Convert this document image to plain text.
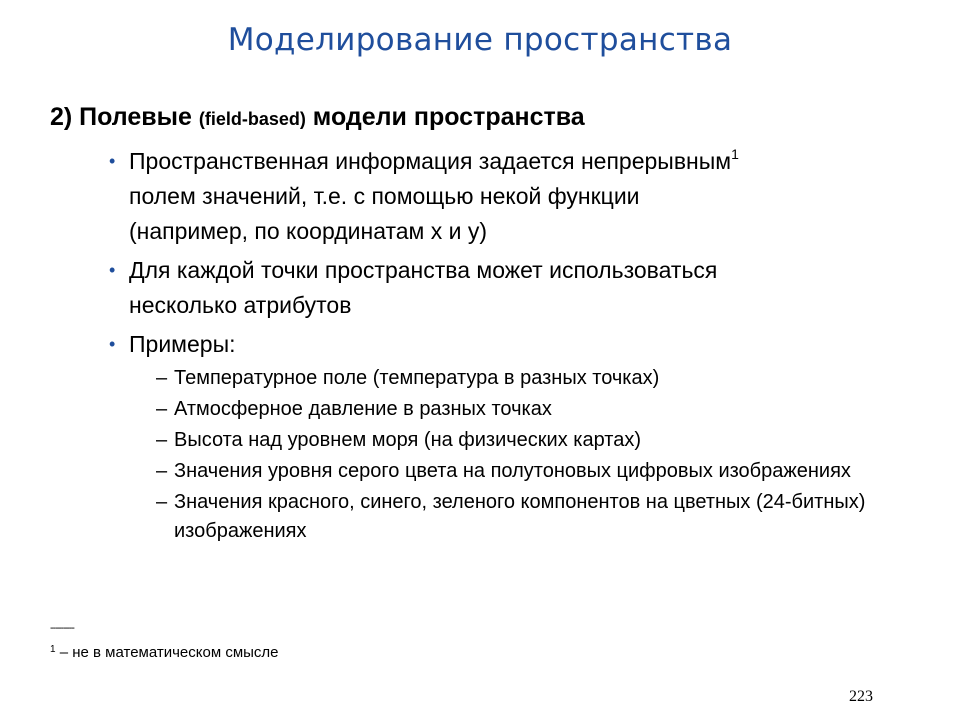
Моделирование пространства
2) Полевые (field-based) модели пространства
• Пространственная информация задается непрерывным$^1$
полем значений, т.е. с помощью некой функции
(например, по координатам x и y)
• Для каждой точки пространства может использоваться
несколько атрибутов
• Примеры:
– Температурное поле (температура в разных точках)
– Атмосферное давление в разных точках
– Высота над уровнем моря (на физических картах)
– Значения уровня серого цвета на полутоновых цифровых изображениях
– Значения красного, синего, зеленого компонентов на цветных (24-битных) изображениях
---------
$^1$ – не в математическом смысле
223
